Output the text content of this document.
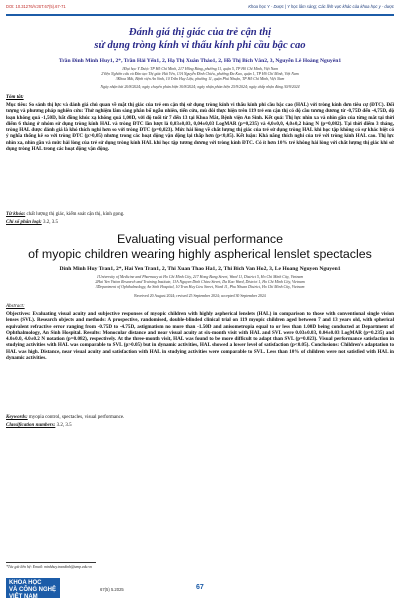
DOI: 10.31276/VJST.67(5).67-71	Khoa học Y - Dược | Y học lâm sàng; Các lĩnh vực khác của khoa học y - dược
Đánh giá thị giác của trẻ cận thị
sử dụng tròng kính vi thấu kính phi cầu bậc cao
Trần Đình Minh Huy1, 2*, Trần Hải Yến1, 2, Hạ Thị Xuân Thảo1, 2, Hồ Thị Bích Vân2, 3, Nguyễn Lê Hoàng Nguyên1
1Đại học Y Dược TP Hồ Chí Minh, 217 Hồng Bàng, phường 11, quận 5, TP Hồ Chí Minh, Việt Nam
2Viện Nghiên cứu và Đào tạo Thị giác Hải Yến, 13A Nguyễn Đình Chiểu, phường Đa Kao, quận 1, TP Hồ Chí Minh, Việt Nam
3Khoa Mắt, Bệnh viện An Sinh, 10 Trần Huy Liệu, phường 11, quận Phú Nhuận, TP Hồ Chí Minh, Việt Nam
Ngày nhận bài 20/8/2024; ngày chuyển phản biện 30/8/2024; ngày nhận phản biện 25/9/2024; ngày chấp nhận đăng 30/9/2024
Tóm tắt:
Mục tiêu: So sánh thị lực và đánh giá chủ quan về mặt thị giác của trẻ em cận thị sử dụng tròng kính vi thấu kính phi cầu bậc cao (HAL) với tròng kính đơn tiêu cự (ĐTC). Đối tượng và phương pháp nghiên cứu: Thử nghiệm lâm sàng phân bố ngẫu nhiên, tiến cứu, mù đôi thực hiện trên 119 trẻ em cận thị có độ cầu tương đương từ -0,75D đến -4,75D, độ loạn không quá -1,50D, bất đồng khúc xạ không quá 1,00D, với độ tuổi từ 7 đến 13 tại Khoa Mắt, Bệnh viện An Sinh. Kết quả: Thị lực nhìn xa và nhìn gần của từng mắt tại thời điểm 6 tháng ở nhóm sử dụng tròng kính HAL và tròng ĐTC lần lượt là 0,03±0,03, 0,04±0,03 LogMAR (p=0,235) và 4,0±0,0, 4,0±0,2 hàng N (p=0,082). Tại thời điểm 3 tháng, tròng HAL được đánh giá là khó thích nghi hơn so với tròng ĐTC (p=0,023). Mức hài lòng về chất lượng thị giác của trẻ sử dụng tròng HAL khi học tập không có sự khác biệt có ý nghĩa thống kê so với tròng ĐTC (p>0,05) nhưng trong các hoạt động vận động lại thấp hơn (p<0,05). Kết luận: Khả năng thích nghi của trẻ với tròng kính HAL cao. Thị lực nhìn xa, nhìn gần và mức hài lòng của trẻ sử dụng tròng kính HAL khi học tập tương đương với tròng kính ĐTC. Có ít hơn 10% trẻ không hài lòng với chất lượng thị giác khi sử dụng tròng HAL trong các hoạt động vận động.
Từ khóa: chất lượng thị giác, kiểm soát cận thị, kính gọng.
Chỉ số phân loại: 3.2, 3.5
Evaluating visual performance
of myopic children wearing highly aspherical lenslet spectacles
Dinh Minh Huy Tran1, 2*, Hai Yen Tran1, 2, Thi Xuan Thao Ha1, 2, Thi Bich Van Ho2, 3, Le Hoang Nguyen Nguyen1
1University of Medicine and Pharmacy at Ho Chi Minh City, 217 Hong Bang Street, Ward 11, District 5, Ho Chi Minh City, Vietnam
2Hai Yen Vision Research and Training Institute, 13A Nguyen Dinh Chieu Street, Da Kao Ward, District 1, Ho Chi Minh City, Vietnam
3Department of Ophthalmology, An Sinh Hospital, 10 Tran Huy Lieu Street, Ward 11, Phu Nhuan District, Ho Chi Minh City, Vietnam
Received 20 August 2024; revised 25 September 2024; accepted 30 September 2024
Abstract:
Objectives: Evaluating visual acuity and subjective responses of myopic children with highly aspherical lenslets (HAL) in comparison to those with conventional single vision lenses (SVL). Research objects and methods: A prospective, randomised, double-blinded clinical trial on 119 myopic children aged between 7 and 13 years old, with spherical equivalent refractive error ranging from -0.75D to -4.75D, astigmatism no more than -1.50D and anisometropia equal to or less than 1.00D being conducted at Department of Ophthalmology, An Sinh Hospital. Results: Monocular distance and near visual acuity at six-month visit with HAL and SVL were 0.03±0.03, 0.04±0.03 LogMAR (p=0.235) and 4.0±0.0, 4.0±0.2 N notation (p=0.082), respectively. At the three-month visit, HAL was found to be more difficult to adapt than SVL (p=0.023). Visual performance satisfaction in studying activities with HAL was comparable to SVL (p>0.05) but in dynamic activities, HAL showed a lower level of satisfaction (p<0.05). Conclusions: Children's adaptation to HAL was high. Distance, near visual acuity and satisfaction with HAL in studying activities were comparable to SVL. Less than 10% of children were not satisfied with HAL in dynamic activities.
Keywords: myopia control, spectacles, visual performance.
Classification numbers: 3.2, 3.5
*Tác giả liên hệ: Email: minhhuy.trandinh@ump.edu.vn
KHOA HỌC
VÀ CÔNG NGHỆ
VIỆT NAM
67(5) 5.2025	67
